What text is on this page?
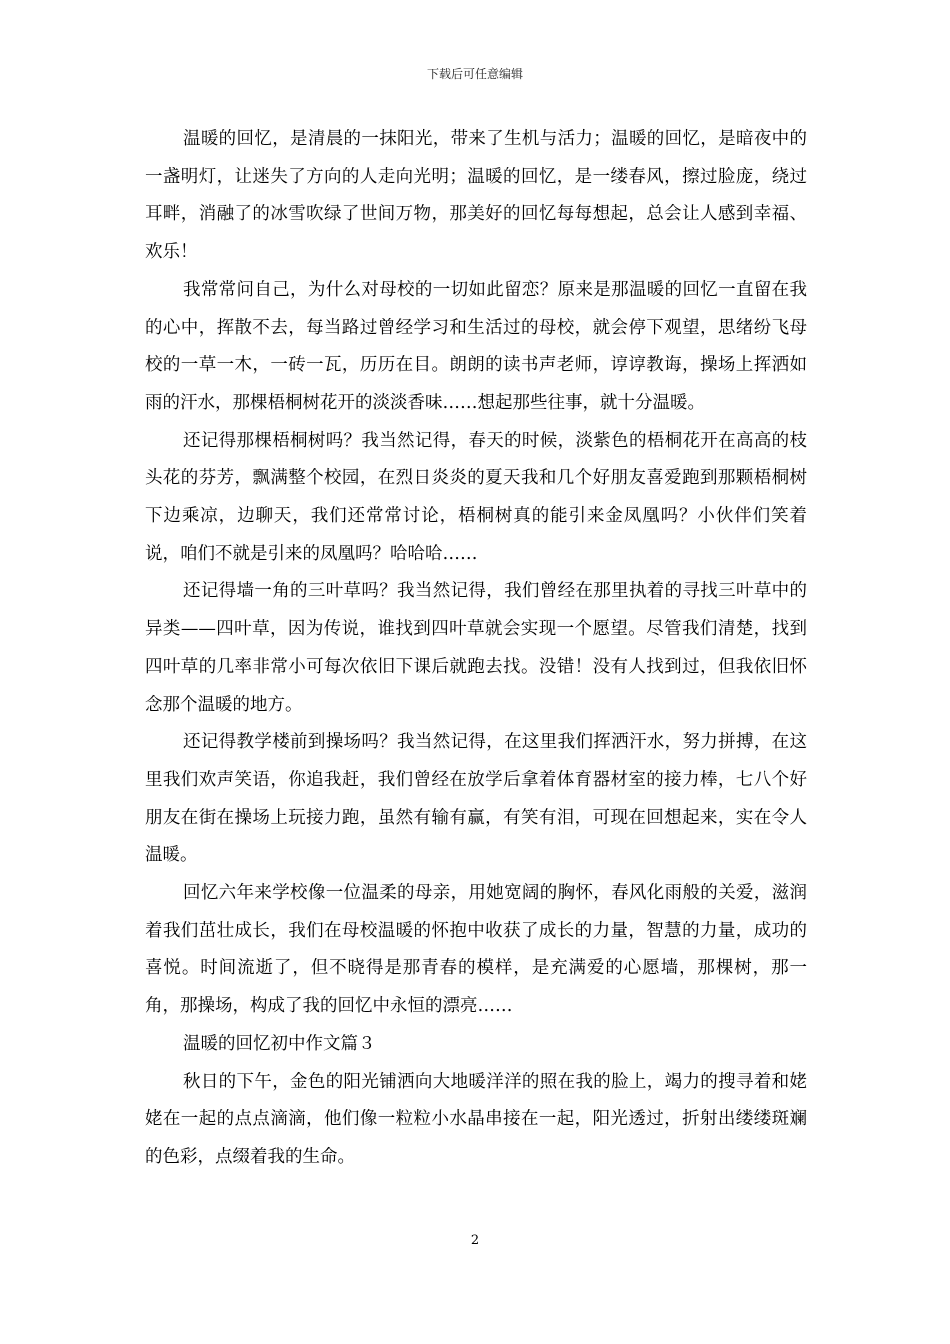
下载后可任意编辑

温暖的回忆，是清晨的一抹阳光，带来了生机与活力；温暖的回忆，是暗夜中的一盏明灯，让迷失了方向的人走向光明；温暖的回忆，是一缕春风，擦过脸庞，绕过耳畔，消融了的冰雪吹绿了世间万物，那美好的回忆每每想起，总会让人感到幸福、欢乐！

我常常问自己，为什么对母校的一切如此留恋？原来是那温暖的回忆一直留在我的心中，挥散不去，每当路过曾经学习和生活过的母校，就会停下观望，思绪纷飞母校的一草一木，一砖一瓦，历历在目。朗朗的读书声老师，谆谆教诲，操场上挥洒如雨的汗水，那棵梧桐树花开的淡淡香味……想起那些往事，就十分温暖。

还记得那棵梧桐树吗？我当然记得，春天的时候，淡紫色的梧桐花开在高高的枝头花的芬芳，飘满整个校园，在烈日炎炎的夏天我和几个好朋友喜爱跑到那颗梧桐树下边乘凉，边聊天，我们还常常讨论，梧桐树真的能引来金凤凰吗？小伙伴们笑着说，咱们不就是引来的凤凰吗？哈哈哈……

还记得墙一角的三叶草吗？我当然记得，我们曾经在那里执着的寻找三叶草中的异类——四叶草，因为传说，谁找到四叶草就会实现一个愿望。尽管我们清楚，找到四叶草的几率非常小可每次依旧下课后就跑去找。没错！没有人找到过，但我依旧怀念那个温暖的地方。

还记得教学楼前到操场吗？我当然记得，在这里我们挥洒汗水，努力拼搏，在这里我们欢声笑语，你追我赶，我们曾经在放学后拿着体育器材室的接力棒，七八个好朋友在街在操场上玩接力跑，虽然有输有赢，有笑有泪，可现在回想起来，实在令人温暖。

回忆六年来学校像一位温柔的母亲，用她宽阔的胸怀，春风化雨般的关爱，滋润着我们茁壮成长，我们在母校温暖的怀抱中收获了成长的力量，智慧的力量，成功的喜悦。时间流逝了，但不晓得是那青春的模样，是充满爱的心愿墙，那棵树，那一角，那操场，构成了我的回忆中永恒的漂亮……

温暖的回忆初中作文篇３

秋日的下午，金色的阳光铺洒向大地暖洋洋的照在我的脸上，竭力的搜寻着和姥姥在一起的点点滴滴，他们像一粒粒小水晶串接在一起，阳光透过，折射出缕缕斑斓的色彩，点缀着我的生命。

2
